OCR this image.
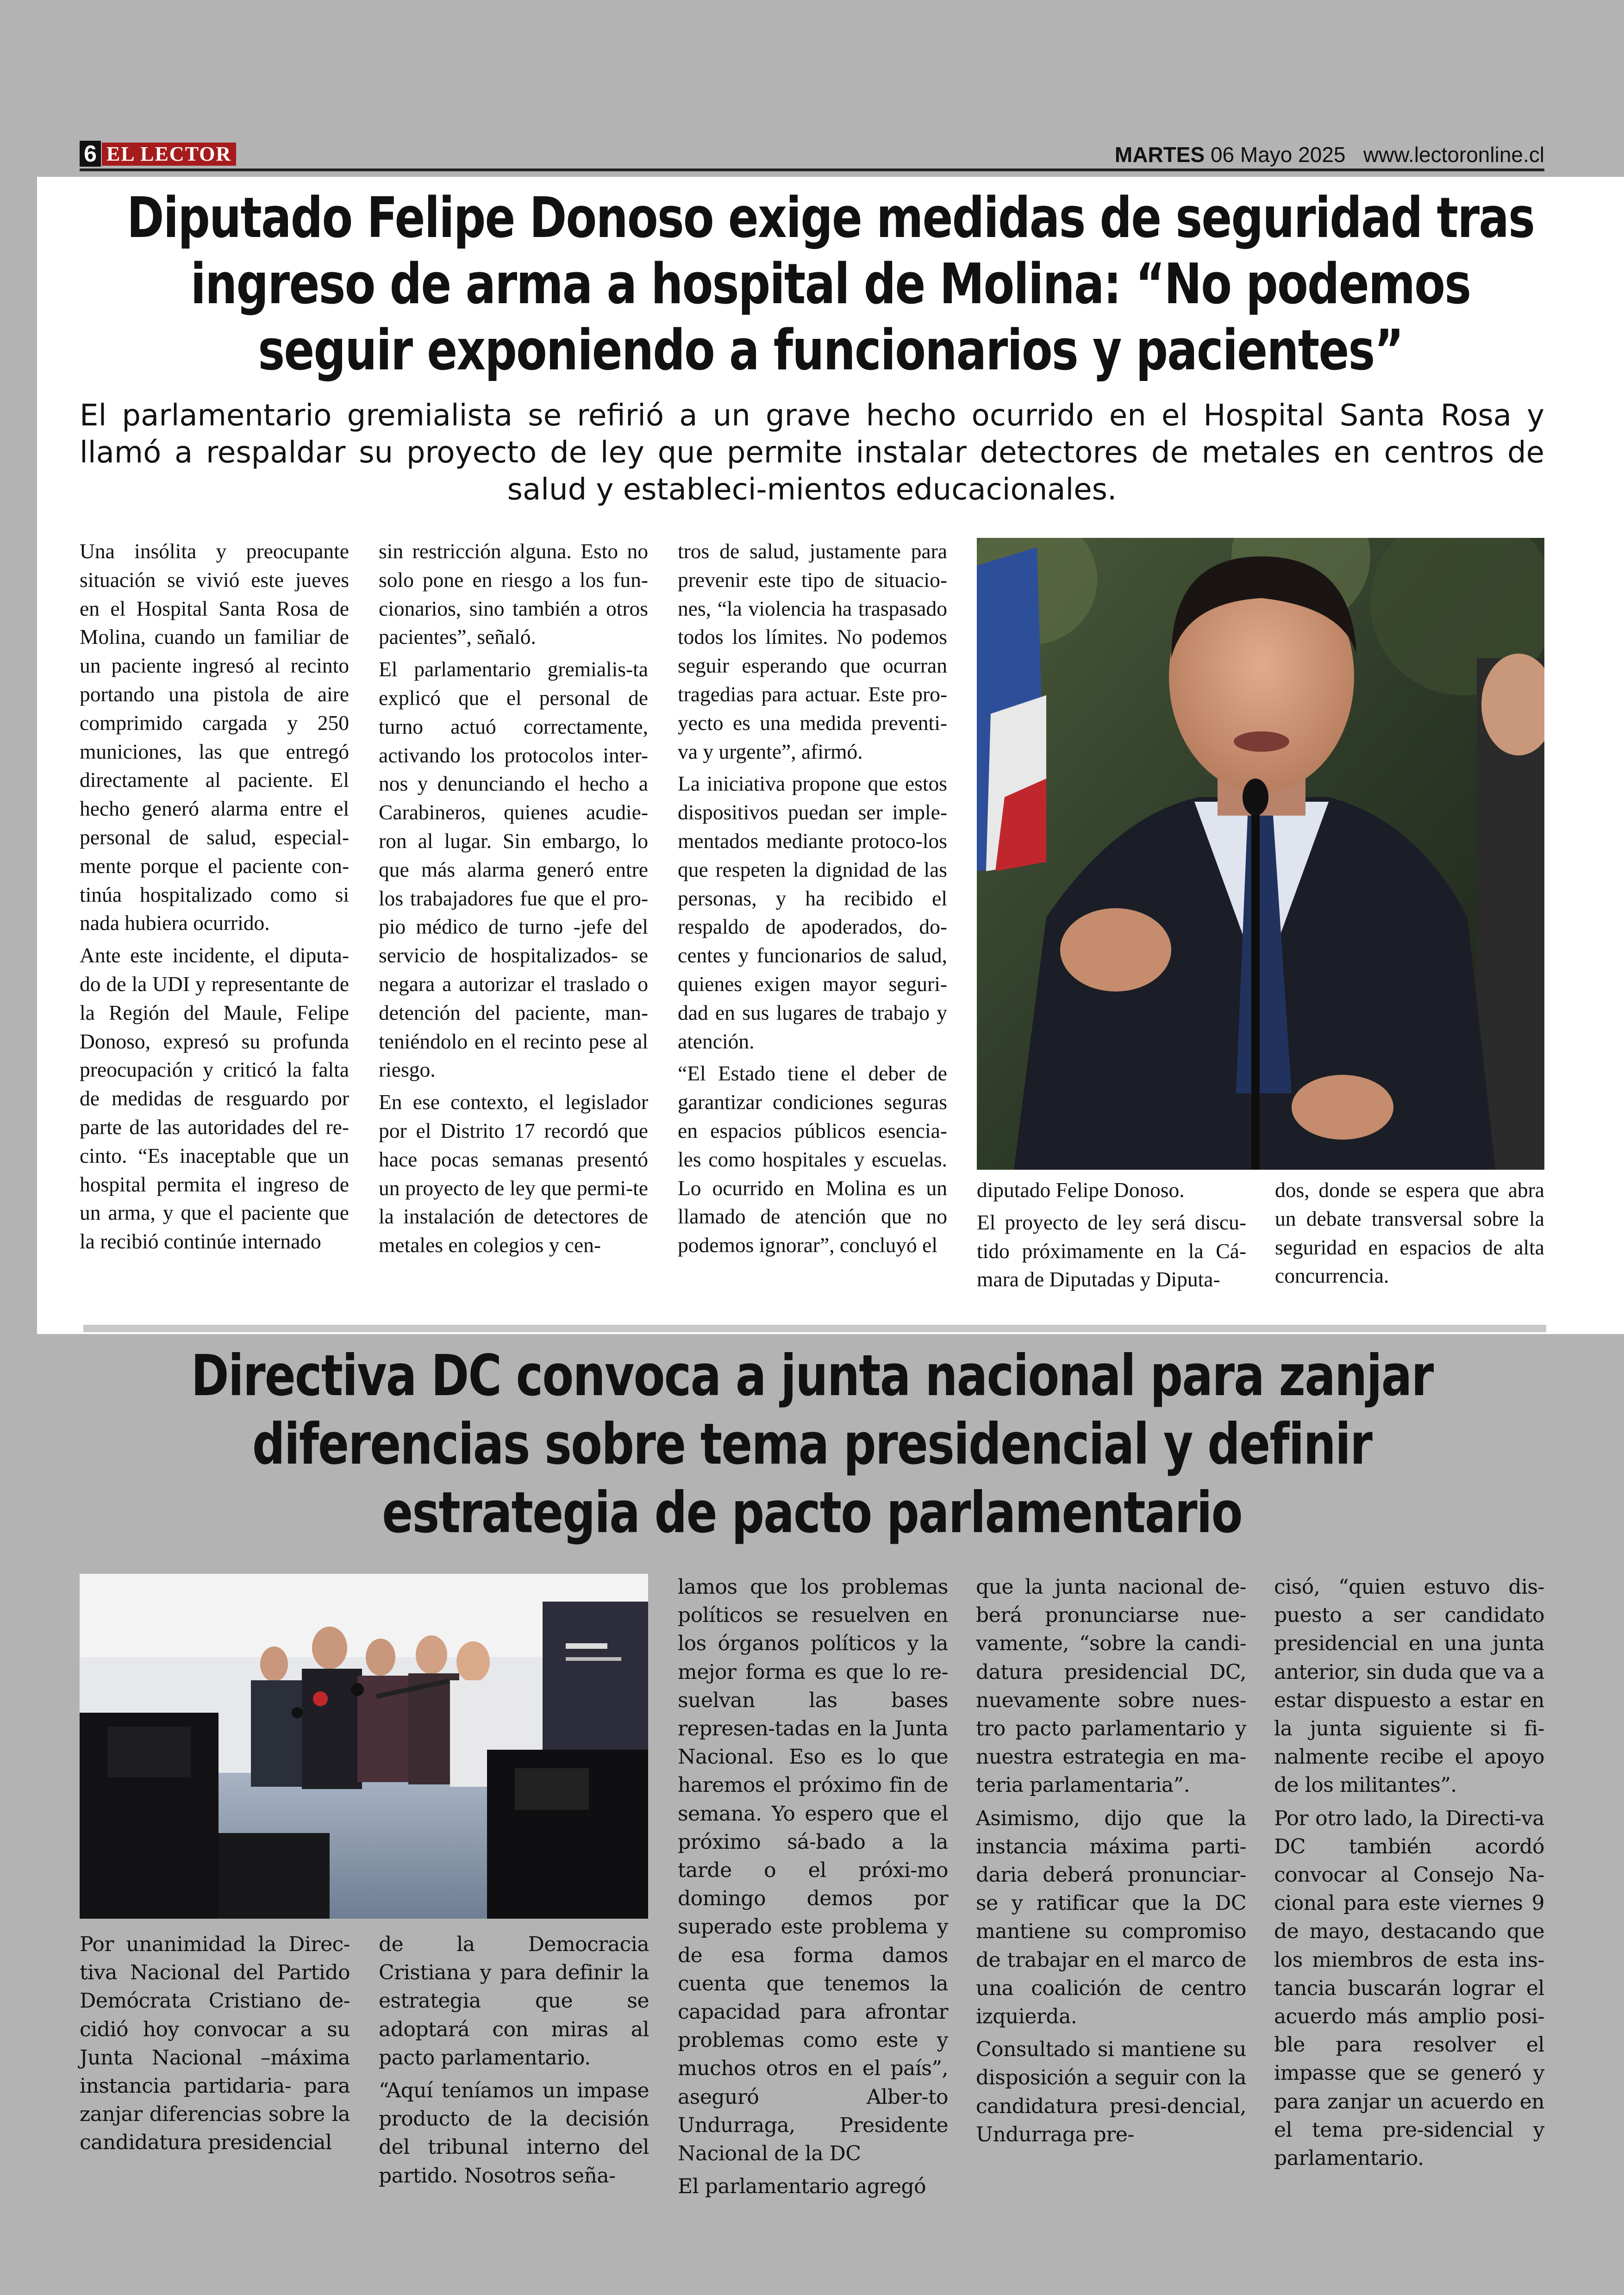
6 EL LECTOR	MARTES 06 Mayo 2025 www.lectoronline.cl
Diputado Felipe Donoso exige medidas de seguridad tras ingreso de arma a hospital de Molina: “No podemos seguir exponiendo a funcionarios y pacientes”

El parlamentario gremialista se refirió a un grave hecho ocurrido en el Hospital Santa Rosa y llamó a respaldar su proyecto de ley que permite instalar detectores de metales en centros de salud y estableci-mientos educacionales.

Una insólita y preocupante situación se vivió este jueves en el Hospital Santa Rosa de Molina, cuando un familiar de un paciente ingresó al recinto portando una pistola de aire comprimido cargada y 250 municiones, las que entregó directamente al paciente. El hecho generó alarma entre el personal de salud, especial-mente porque el paciente con-tinúa hospitalizado como si nada hubiera ocurrido.

Ante este incidente, el diputa-do de la UDI y representante de la Región del Maule, Felipe Donoso, expresó su profunda preocupación y criticó la falta de medidas de resguardo por parte de las autoridades del re-cinto. “Es inaceptable que un hospital permita el ingreso de un arma, y que el paciente que la recibió continúe internado

sin restricción alguna. Esto no solo pone en riesgo a los fun-cionarios, sino también a otros pacientes”, señaló.

El parlamentario gremialis-ta explicó que el personal de turno actuó correctamente, activando los protocolos inter-nos y denunciando el hecho a Carabineros, quienes acudie-ron al lugar. Sin embargo, lo que más alarma generó entre los trabajadores fue que el pro-pio médico de turno -jefe del servicio de hospitalizados- se negara a autorizar el traslado o detención del paciente, man-teniéndolo en el recinto pese al riesgo.

En ese contexto, el legislador por el Distrito 17 recordó que hace pocas semanas presentó un proyecto de ley que permi-te la instalación de detectores de metales en colegios y cen-

tros de salud, justamente para prevenir este tipo de situacio-nes, “la violencia ha traspasado todos los límites. No podemos seguir esperando que ocurran tragedias para actuar. Este pro-yecto es una medida preventi-va y urgente”, afirmó.

La iniciativa propone que estos dispositivos puedan ser imple-mentados mediante protoco-los que respeten la dignidad de las personas, y ha recibido el respaldo de apoderados, do-centes y funcionarios de salud, quienes exigen mayor seguri-dad en sus lugares de trabajo y atención.

“El Estado tiene el deber de garantizar condiciones seguras en espacios públicos esencia-les como hospitales y escuelas. Lo ocurrido en Molina es un llamado de atención que no podemos ignorar”, concluyó el

diputado Felipe Donoso.

El proyecto de ley será discu-tido próximamente en la Cá-mara de Diputadas y Diputa-

dos, donde se espera que abra un debate transversal sobre la seguridad en espacios de alta concurrencia.

Directiva DC convoca a junta nacional para zanjar diferencias sobre tema presidencial y definir estrategia de pacto parlamentario

Por unanimidad la Direc-tiva Nacional del Partido Demócrata Cristiano de-cidió hoy convocar a su Junta Nacional –máxima instancia partidaria- para zanjar diferencias sobre la candidatura presidencial

de la Democracia Cristiana y para definir la estrategia que se adoptará con miras al pacto parlamentario.

“Aquí teníamos un impase producto de la decisión del tribunal interno del partido. Nosotros seña-

lamos que los problemas políticos se resuelven en los órganos políticos y la mejor forma es que lo re-suelvan las bases represen-tadas en la Junta Nacional. Eso es lo que haremos el próximo fin de semana. Yo espero que el próximo sá-bado a la tarde o el próxi-mo domingo demos por superado este problema y de esa forma damos cuenta que tenemos la capacidad para afrontar problemas como este y muchos otros en el país”, aseguró Alber-to Undurraga, Presidente Nacional de la DC

El parlamentario agregó

que la junta nacional de-berá pronunciarse nue-vamente, “sobre la candi-datura presidencial DC, nuevamente sobre nues-tro pacto parlamentario y nuestra estrategia en ma-teria parlamentaria”.

Asimismo, dijo que la instancia máxima parti-daria deberá pronunciar-se y ratificar que la DC mantiene su compromiso de trabajar en el marco de una coalición de centro izquierda.

Consultado si mantiene su disposición a seguir con la candidatura presi-dencial, Undurraga pre-

cisó, “quien estuvo dis-puesto a ser candidato presidencial en una junta anterior, sin duda que va a estar dispuesto a estar en la junta siguiente si fi-nalmente recibe el apoyo de los militantes”.

Por otro lado, la Directi-va DC también acordó convocar al Consejo Na-cional para este viernes 9 de mayo, destacando que los miembros de esta ins-tancia buscarán lograr el acuerdo más amplio posi-ble para resolver el impasse que se generó y para zanjar un acuerdo en el tema pre-sidencial y parlamentario.
